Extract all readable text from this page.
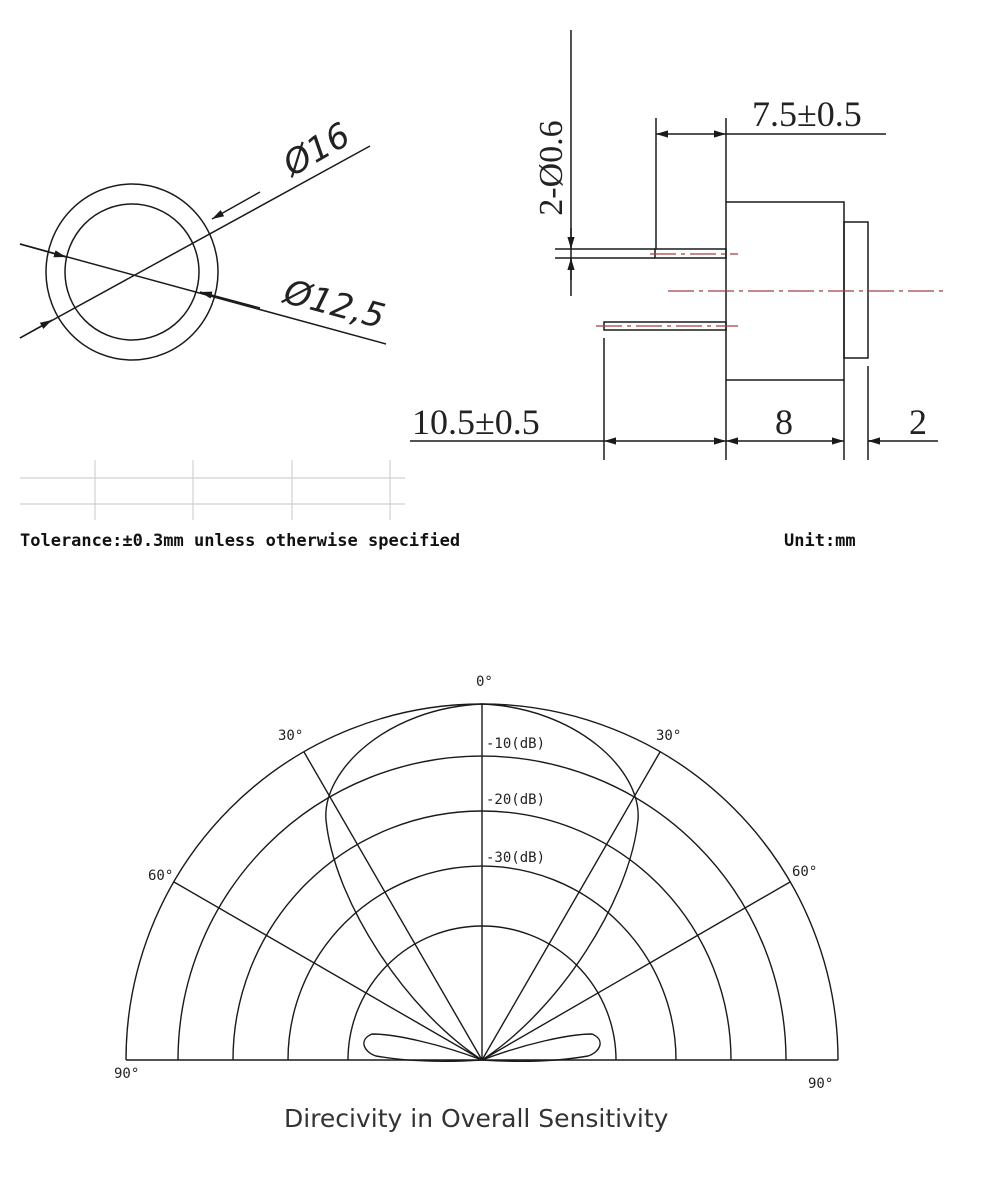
Ø16
Ø12,5
2-Ø0.6
7.5±0.5
10.5±0.5	8	2
0°
30°	30°
60°	60°
90°
90°
-10(dB)
-20(dB)
-30(dB)
Tolerance:±0.3mm unless otherwise specified	Unit:mm
Direcivity in Overall Sensitivity
